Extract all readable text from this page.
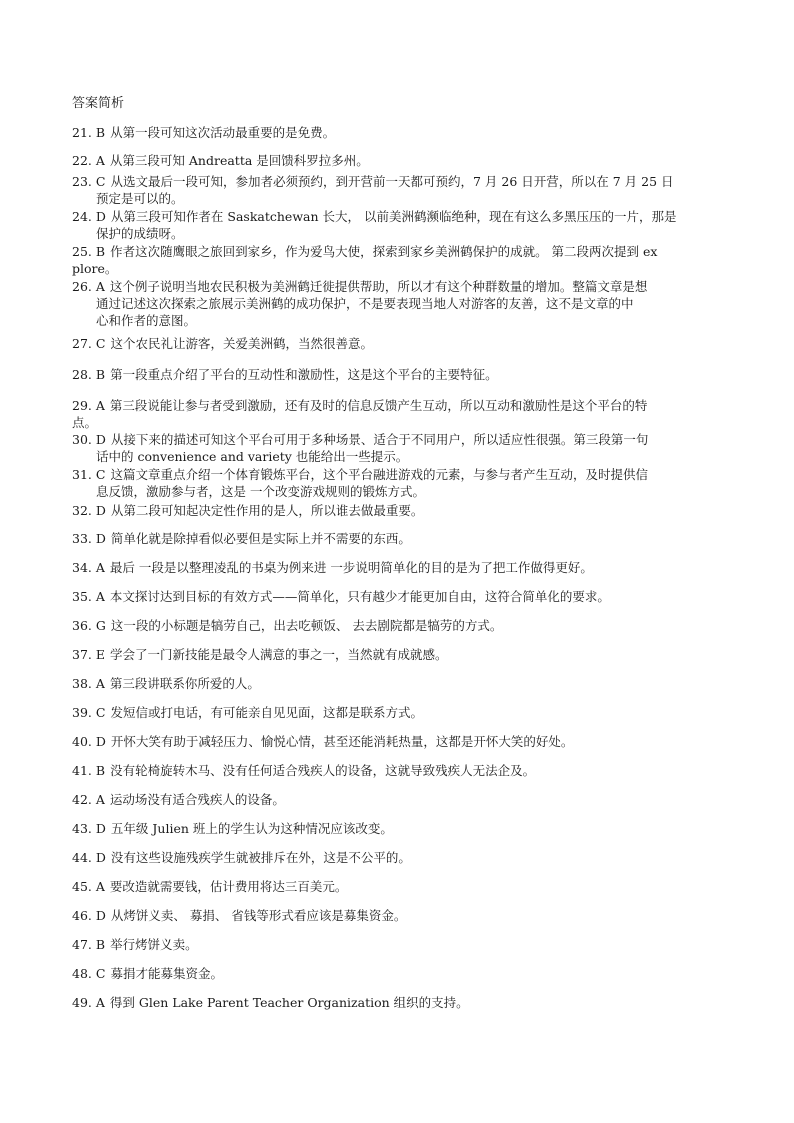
答案简析
21. B 从第一段可知这次活动最重要的是免费。
22. A 从第三段可知 Andreatta 是回馈科罗拉多州。
23. C 从选文最后一段可知，参加者必须预约，到开营前一天都可预约，7 月 26 日开营，所以在 7 月 25 日
预定是可以的。
24. D 从第三段可知作者在 Saskatchewan 长大， 以前美洲鹤濒临绝种，现在有这么多黑压压的一片，那是
保护的成绩呀。
25. B 作者这次随鹰眼之旅回到家乡，作为爱鸟大使，探索到家乡美洲鹤保护的成就。 第二段两次提到 ex
plore。
26. A 这个例子说明当地农民积极为美洲鹤迁徙提供帮助，所以才有这个种群数量的增加。整篇文章是想
通过记述这次探索之旅展示美洲鹤的成功保护，不是要表现当地人对游客的友善，这不是文章的中
心和作者的意图。
27. C 这个农民礼让游客，关爱美洲鹤，当然很善意。
28. B 第一段重点介绍了平台的互动性和激励性，这是这个平台的主要特征。
29. A 第三段说能让参与者受到激励，还有及时的信息反馈产生互动，所以互动和激励性是这个平台的特
点。
30. D 从接下来的描述可知这个平台可用于多种场景、适合于不同用户，所以适应性很强。第三段第一句
话中的 convenience and variety 也能给出一些提示。
31. C 这篇文章重点介绍一个体育锻炼平台，这个平台融进游戏的元素，与参与者产生互动，及时提供信
息反馈，激励参与者，这是 一个改变游戏规则的锻炼方式。
32. D 从第二段可知起决定性作用的是人，所以谁去做最重要。
33. D 简单化就是除掉看似必要但是实际上并不需要的东西。
34. A 最后 一段是以整理凌乱的书桌为例来进 一步说明简单化的目的是为了把工作做得更好。
35. A 本文探讨达到目标的有效方式——简单化，只有越少才能更加自由，这符合简单化的要求。
36. G 这一段的小标题是犒劳自己，出去吃顿饭、 去去剧院都是犒劳的方式。
37. E 学会了一门新技能是最令人满意的事之一，当然就有成就感。
38. A 第三段讲联系你所爱的人。
39. C 发短信或打电话，有可能亲自见见面，这都是联系方式。
40. D 开怀大笑有助于减轻压力、愉悦心情，甚至还能消耗热量，这都是开怀大笑的好处。
41. B 没有轮椅旋转木马、没有任何适合残疾人的设备，这就导致残疾人无法企及。
42. A 运动场没有适合残疾人的设备。
43. D 五年级 Julien 班上的学生认为这种情况应该改变。
44. D 没有这些设施残疾学生就被排斥在外，这是不公平的。
45. A 要改造就需要钱，估计费用将达三百美元。
46. D 从烤饼义卖、 募捐、 省钱等形式看应该是募集资金。
47. B 举行烤饼义卖。
48. C 募捐才能募集资金。
49. A 得到 Glen Lake Parent Teacher Organization 组织的支持。
